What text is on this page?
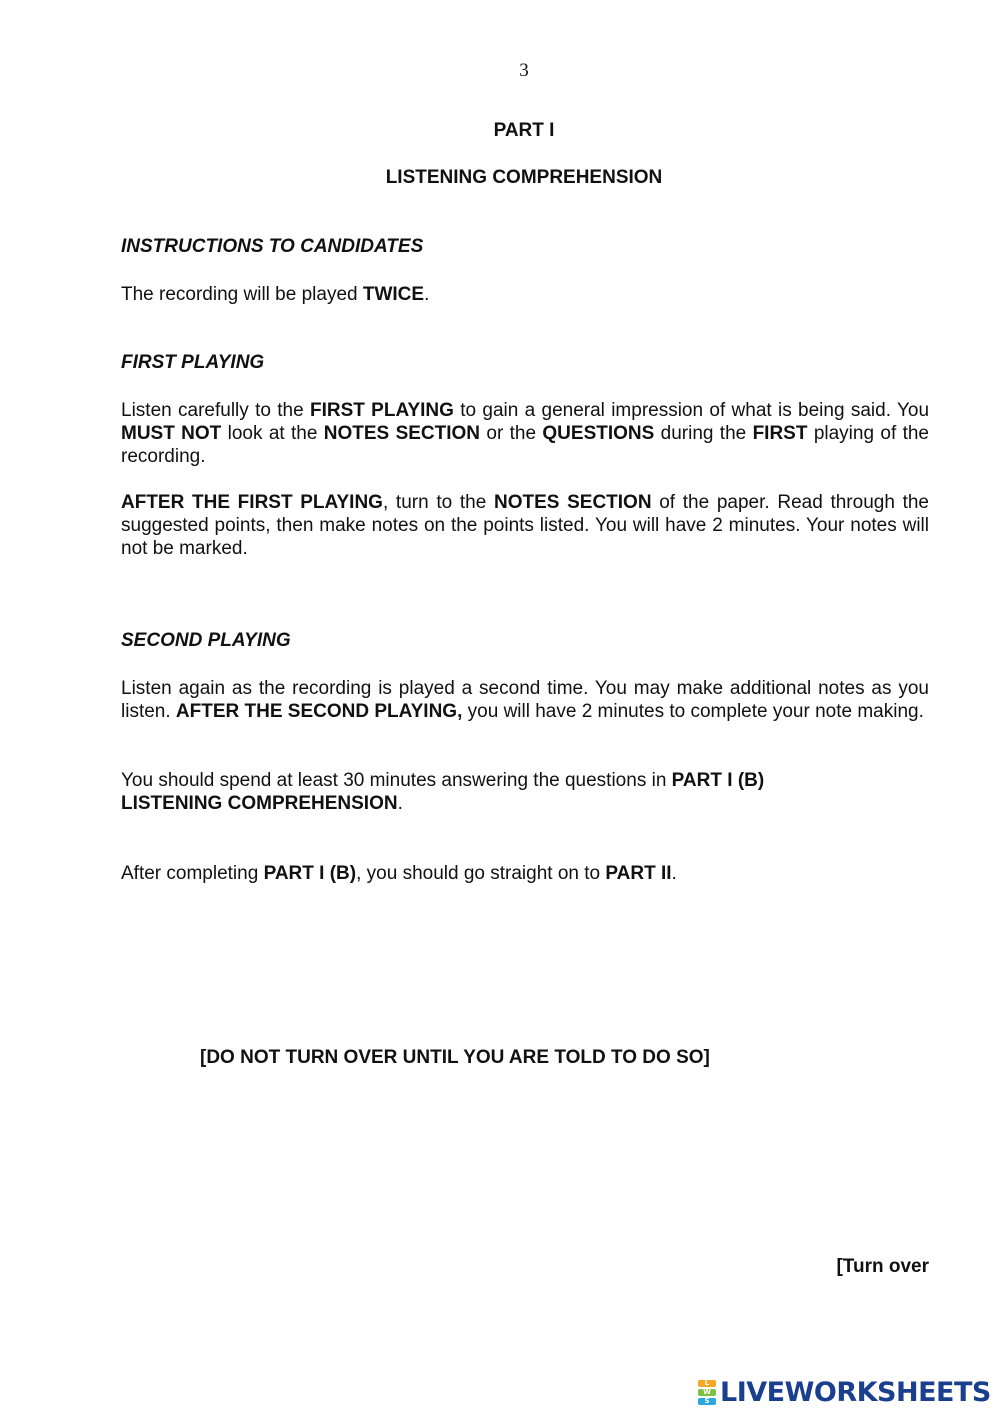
3
PART I
LISTENING COMPREHENSION
INSTRUCTIONS TO CANDIDATES

The recording will be played TWICE.

FIRST PLAYING

Listen carefully to the FIRST PLAYING to gain a general impression of what is being said. You MUST NOT look at the NOTES SECTION or the QUESTIONS during the FIRST playing of the recording.

AFTER THE FIRST PLAYING, turn to the NOTES SECTION of the paper. Read through the suggested points, then make notes on the points listed. You will have 2 minutes. Your notes will not be marked.

SECOND PLAYING

Listen again as the recording is played a second time. You may make additional notes as you listen. AFTER THE SECOND PLAYING, you will have 2 minutes to complete your note making.

You should spend at least 30 minutes answering the questions in PART I (B)
LISTENING COMPREHENSION.

After completing PART I (B), you should go straight on to PART II.

[DO NOT TURN OVER UNTIL YOU ARE TOLD TO DO SO]
[Turn over
L
W
S LIVEWORKSHEETS
